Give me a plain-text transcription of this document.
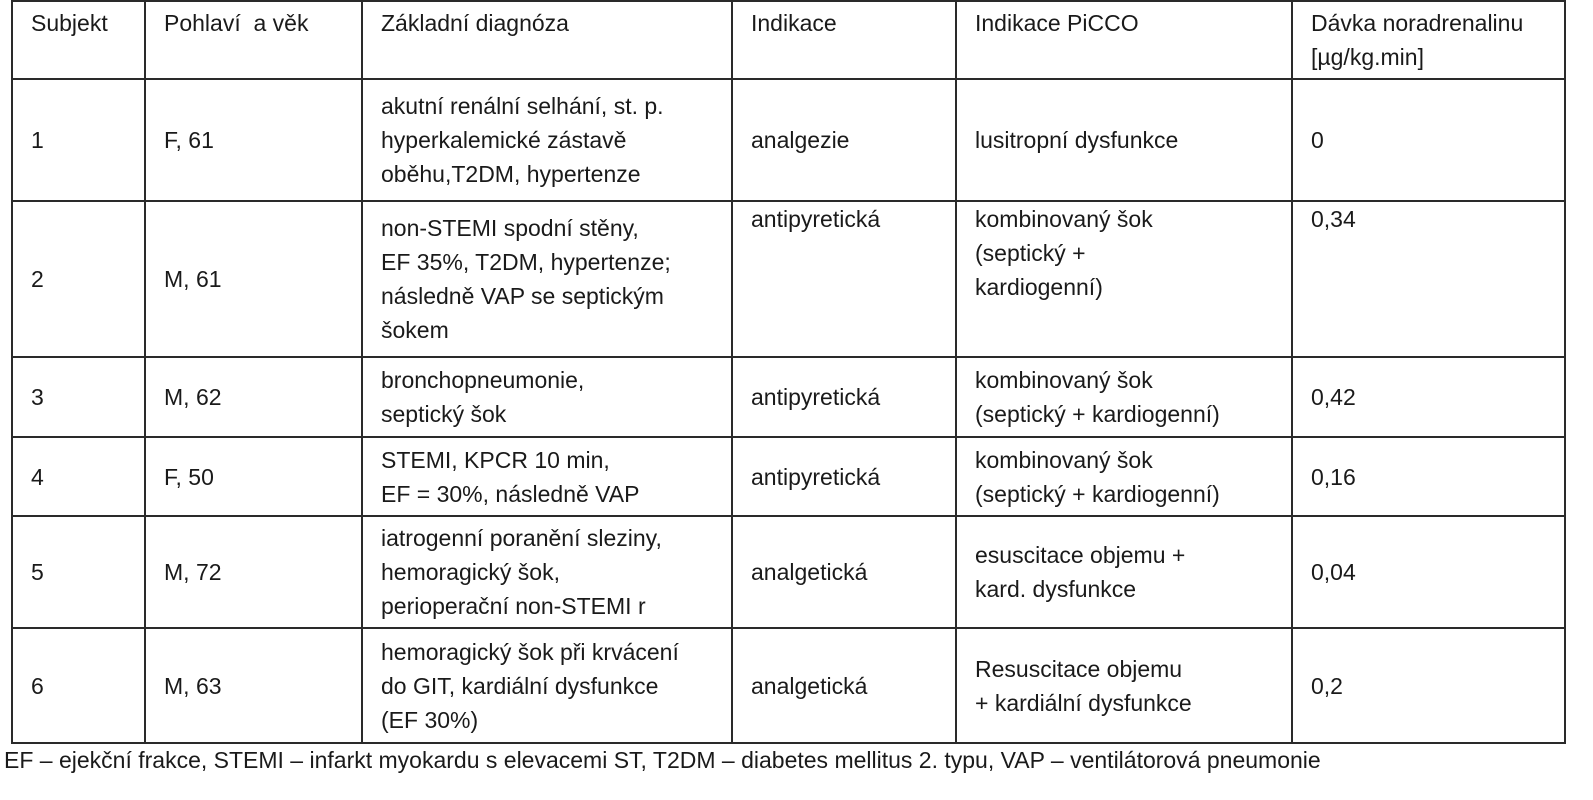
Subjekt	Pohlaví  a věk	Základní diagnóza	Indikace	Indikace PiCCO	Dávka noradrenalinu
[µg/kg.min]

1	F, 61	akutní renální selhání, st. p.
hyperkalemické zástavě
oběhu,T2DM, hypertenze	analgezie	lusitropní dysfunkce	0
2	M, 61	non-STEMI spodní stěny,
EF 35%, T2DM, hypertenze;
následně VAP se septickým
šokem	antipyretická	kombinovaný šok
(septický +
kardiogenní)	0,34
3	M, 62	bronchopneumonie,
septický šok	antipyretická	kombinovaný šok
(septický + kardiogenní)	0,42
4	F, 50	STEMI, KPCR 10 min,
EF = 30%, následně VAP	antipyretická	kombinovaný šok
(septický + kardiogenní)	0,16
5	M, 72	iatrogenní poranění sleziny,
hemoragický šok,
perioperační non-STEMI r	analgetická	esuscitace objemu +
kard. dysfunkce	0,04
6	M, 63	hemoragický šok při krvácení
do GIT, kardiální dysfunkce
(EF 30%)	analgetická	Resuscitace objemu
+ kardiální dysfunkce	0,2
EF – ejekční frakce, STEMI – infarkt myokardu s elevacemi ST, T2DM – diabetes mellitus 2. typu, VAP – ventilátorová pneumonie
